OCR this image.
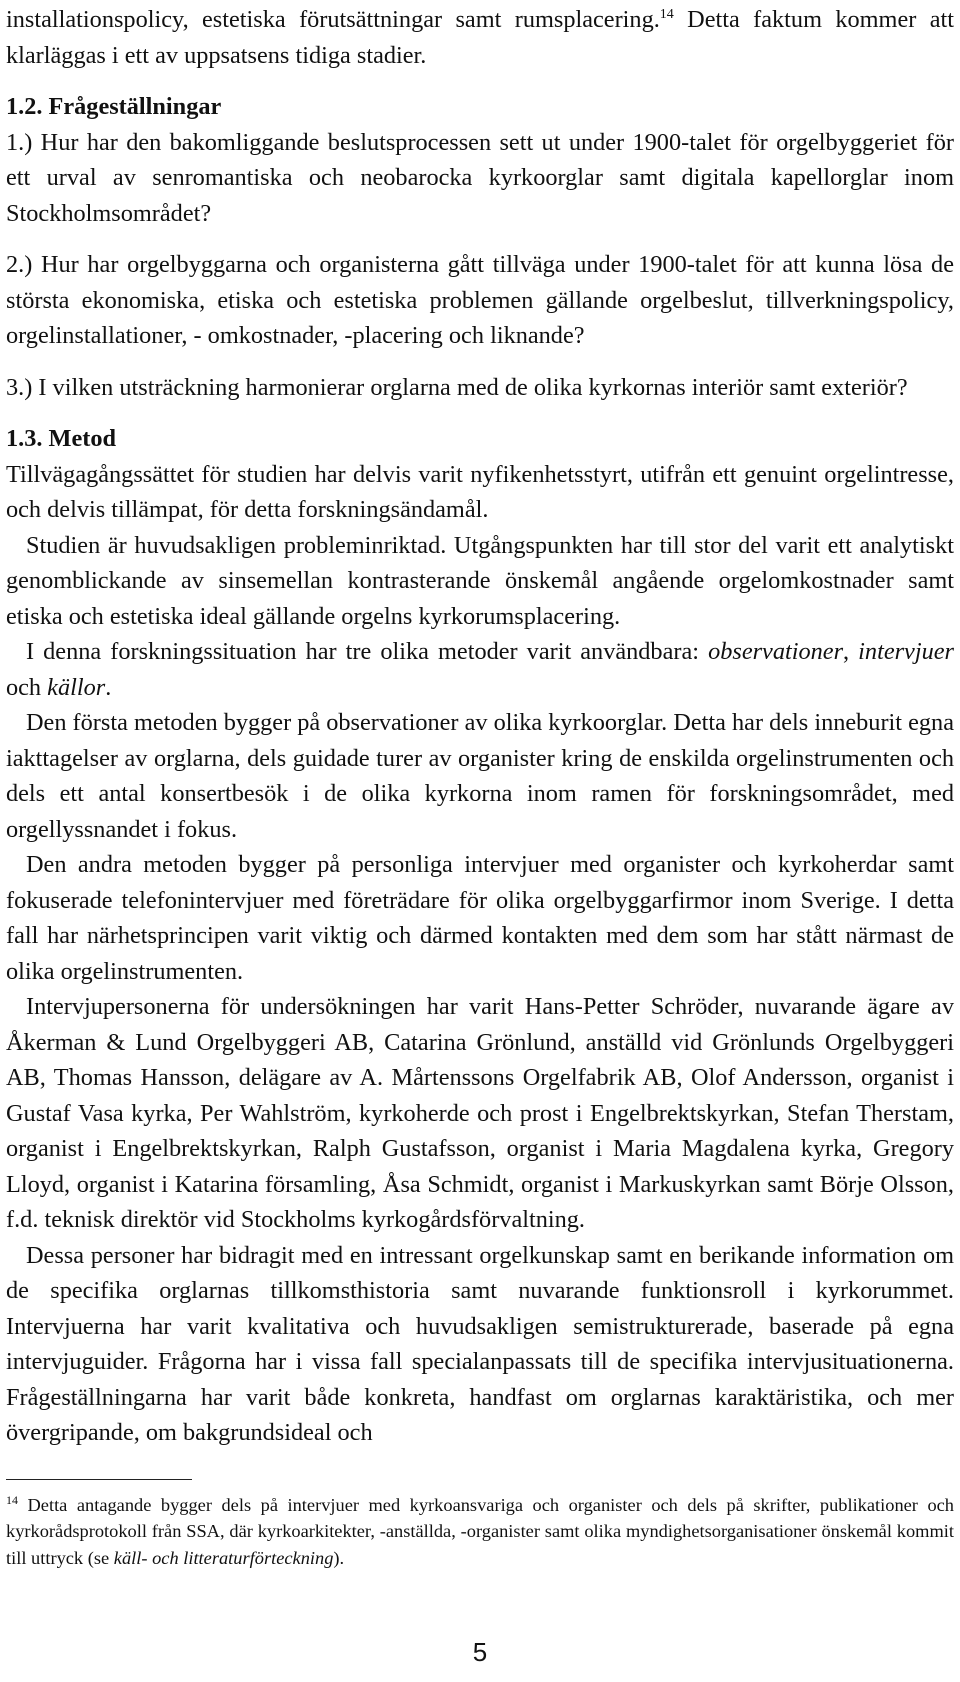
installationspolicy, estetiska förutsättningar samt rumsplacering.$^{14}$ Detta faktum kommer att klarläggas i ett av uppsatsens tidiga stadier.

1.2. Frågeställningar

1.) Hur har den bakomliggande beslutsprocessen sett ut under 1900-talet för orgelbyggeriet för ett urval av senromantiska och neobarocka kyrkoorglar samt digitala kapellorglar inom Stockholmsområdet?

2.) Hur har orgelbyggarna och organisterna gått tillväga under 1900-talet för att kunna lösa de största ekonomiska, etiska och estetiska problemen gällande orgelbeslut, tillverkningspolicy, orgelinstallationer, - omkostnader, -placering och liknande?

3.) I vilken utsträckning harmonierar orglarna med de olika kyrkornas interiör samt exteriör?

1.3. Metod

Tillvägagångssättet för studien har delvis varit nyfikenhetsstyrt, utifrån ett genuint orgelintresse, och delvis tillämpat, för detta forskningsändamål.

Studien är huvudsakligen probleminriktad. Utgångspunkten har till stor del varit ett analytiskt genomblickande av sinsemellan kontrasterande önskemål angående orgelomkostnader samt etiska och estetiska ideal gällande orgelns kyrkorumsplacering.

I denna forskningssituation har tre olika metoder varit användbara: observationer, intervjuer och källor.

Den första metoden bygger på observationer av olika kyrkoorglar. Detta har dels inneburit egna iakttagelser av orglarna, dels guidade turer av organister kring de enskilda orgelinstrumenten och dels ett antal konsertbesök i de olika kyrkorna inom ramen för forskningsområdet, med orgellyssnandet i fokus.

Den andra metoden bygger på personliga intervjuer med organister och kyrkoherdar samt fokuserade telefonintervjuer med företrädare för olika orgelbyggarfirmor inom Sverige. I detta fall har närhetsprincipen varit viktig och därmed kontakten med dem som har stått närmast de olika orgelinstrumenten.

Intervjupersonerna för undersökningen har varit Hans-Petter Schröder, nuvarande ägare av Åkerman & Lund Orgelbyggeri AB, Catarina Grönlund, anställd vid Grönlunds Orgelbyggeri AB, Thomas Hansson, delägare av A. Mårtenssons Orgelfabrik AB, Olof Andersson, organist i Gustaf Vasa kyrka, Per Wahlström, kyrkoherde och prost i Engelbrektskyrkan, Stefan Therstam, organist i Engelbrektskyrkan, Ralph Gustafsson, organist i Maria Magdalena kyrka, Gregory Lloyd, organist i Katarina församling, Åsa Schmidt, organist i Markuskyrkan samt Börje Olsson, f.d. teknisk direktör vid Stockholms kyrkogårdsförvaltning.

Dessa personer har bidragit med en intressant orgelkunskap samt en berikande information om de specifika orglarnas tillkomsthistoria samt nuvarande funktionsroll i kyrkorummet. Intervjuerna har varit kvalitativa och huvudsakligen semistrukturerade, baserade på egna intervjuguider. Frågorna har i vissa fall specialanpassats till de specifika intervjusituationerna. Frågeställningarna har varit både konkreta, handfast om orglarnas karaktäristika, och mer övergripande, om bakgrundsideal och

$^{14}$ Detta antagande bygger dels på intervjuer med kyrkoansvariga och organister och dels på skrifter, publikationer och kyrkorådsprotokoll från SSA, där kyrkoarkitekter, -anställda, -organister samt olika myndighetsorganisationer önskemål kommit till uttryck (se käll- och litteraturförteckning).

5
